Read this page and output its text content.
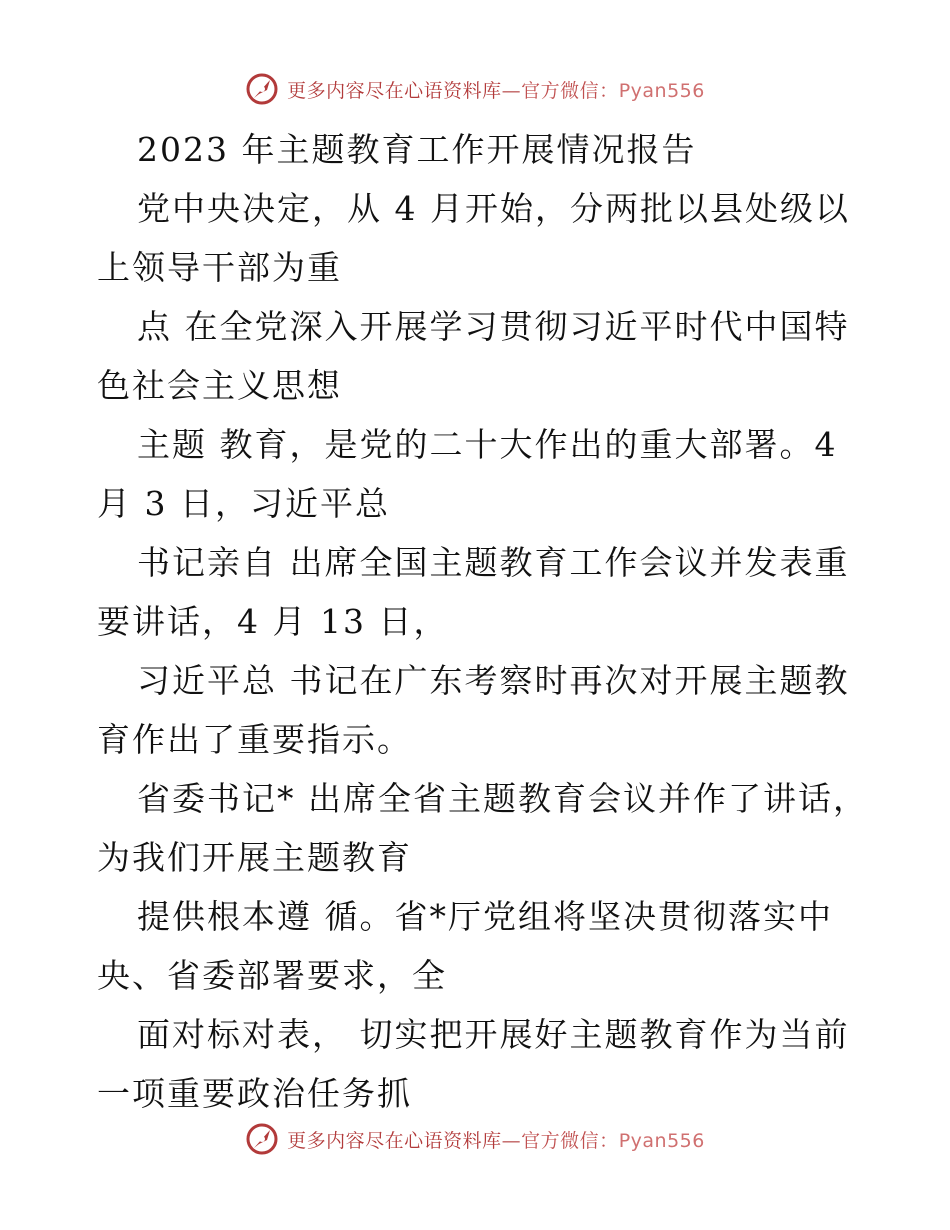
更多内容尽在心语资料库—官方微信：Pyan556
2023 年主题教育工作开展情况报告
党中央决定，从 4 月开始，分两批以县处级以
上领导干部为重
点 在全党深入开展学习贯彻习近平时代中国特
色社会主义思想
主题 教育，是党的二十大作出的重大部署。4
月 3 日，习近平总
书记亲自 出席全国主题教育工作会议并发表重
要讲话，4 月 13 日，
习近平总 书记在广东考察时再次对开展主题教
育作出了重要指示。
省委书记* 出席全省主题教育会议并作了讲话，
为我们开展主题教育
提供根本遵 循。省*厅党组将坚决贯彻落实中
央、省委部署要求，全
面对标对表， 切实把开展好主题教育作为当前
一项重要政治任务抓
更多内容尽在心语资料库—官方微信：Pyan556
